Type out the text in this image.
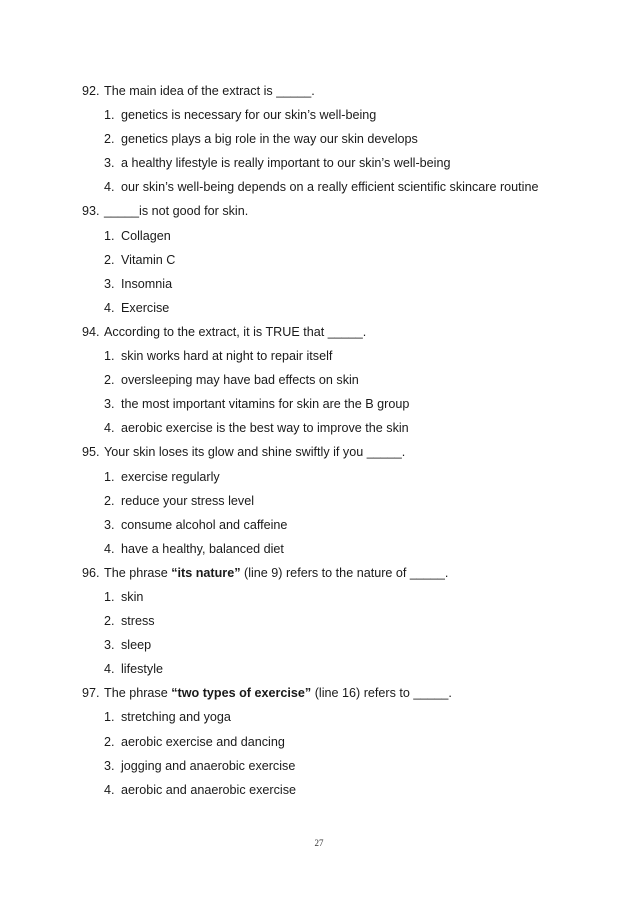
92. The main idea of the extract is _____.
1. genetics is necessary for our skin’s well-being
2. genetics plays a big role in the way our skin develops
3. a healthy lifestyle is really important to our skin’s well-being
4. our skin’s well-being depends on a really efficient scientific skincare routine
93. _____is not good for skin.
1. Collagen
2. Vitamin C
3. Insomnia
4. Exercise
94. According to the extract, it is TRUE that _____.
1. skin works hard at night to repair itself
2. oversleeping may have bad effects on skin
3. the most important vitamins for skin are the B group
4. aerobic exercise is the best way to improve the skin
95. Your skin loses its glow and shine swiftly if you _____.
1. exercise regularly
2. reduce your stress level
3. consume alcohol and caffeine
4. have a healthy, balanced diet
96. The phrase “its nature” (line 9) refers to the nature of _____.
1. skin
2. stress
3. sleep
4. lifestyle
97. The phrase “two types of exercise” (line 16) refers to _____.
1. stretching and yoga
2. aerobic exercise and dancing
3. jogging and anaerobic exercise
4. aerobic and anaerobic exercise
27
